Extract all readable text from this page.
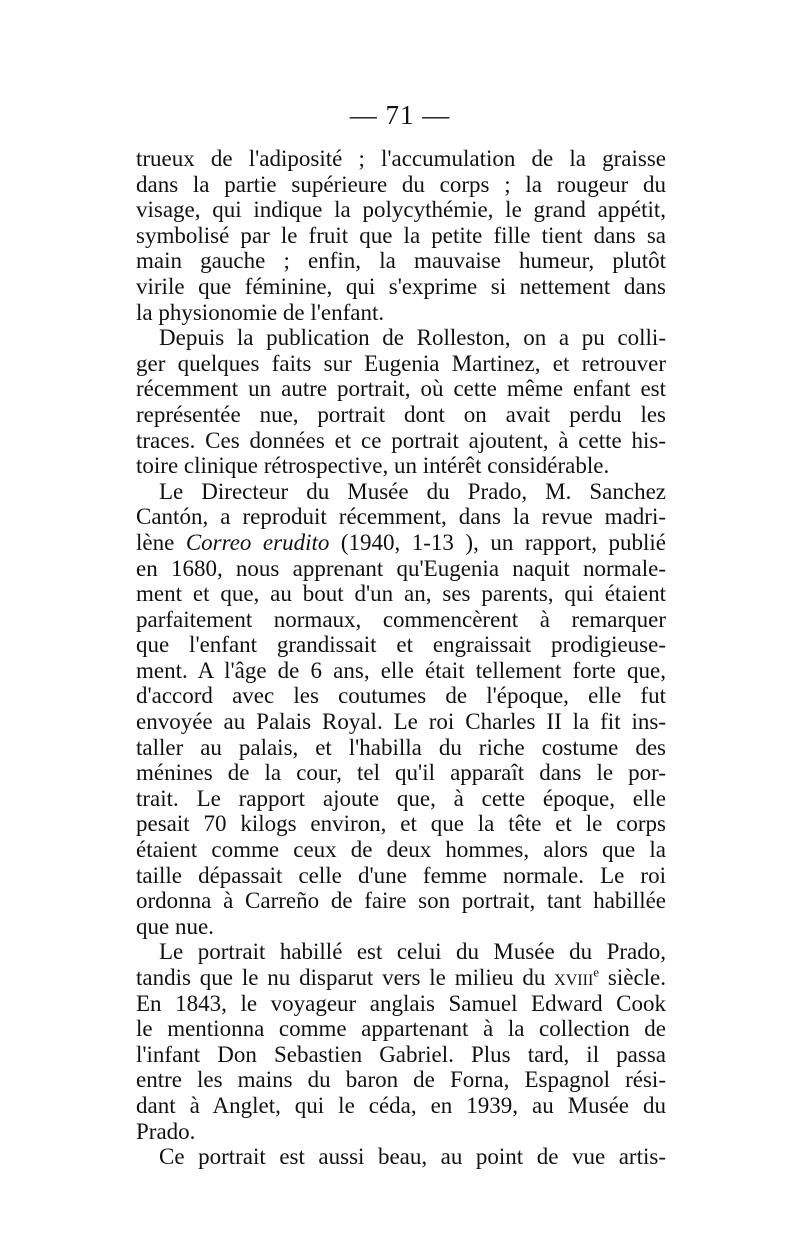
— 71 —
trueux de l'adiposité ; l'accumulation de la graisse
dans la partie supérieure du corps ; la rougeur du
visage, qui indique la polycythémie, le grand appétit,
symbolisé par le fruit que la petite fille tient dans sa
main gauche ; enfin, la mauvaise humeur, plutôt
virile que féminine, qui s'exprime si nettement dans
la physionomie de l'enfant.
Depuis la publication de Rolleston, on a pu colli-
ger quelques faits sur Eugenia Martinez, et retrouver
récemment un autre portrait, où cette même enfant est
représentée nue, portrait dont on avait perdu les
traces. Ces données et ce portrait ajoutent, à cette his-
toire clinique rétrospective, un intérêt considérable.
Le Directeur du Musée du Prado, M. Sanchez
Cantón, a reproduit récemment, dans la revue madri-
lène Correo erudito (1940, 1-13 ), un rapport, publié
en 1680, nous apprenant qu'Eugenia naquit normale-
ment et que, au bout d'un an, ses parents, qui étaient
parfaitement normaux, commencèrent à remarquer
que l'enfant grandissait et engraissait prodigieuse-
ment. A l'âge de 6 ans, elle était tellement forte que,
d'accord avec les coutumes de l'époque, elle fut
envoyée au Palais Royal. Le roi Charles II la fit ins-
taller au palais, et l'habilla du riche costume des
ménines de la cour, tel qu'il apparaît dans le por-
trait. Le rapport ajoute que, à cette époque, elle
pesait 70 kilogs environ, et que la tête et le corps
étaient comme ceux de deux hommes, alors que la
taille dépassait celle d'une femme normale. Le roi
ordonna à Carreño de faire son portrait, tant habillée
que nue.
Le portrait habillé est celui du Musée du Prado,
tandis que le nu disparut vers le milieu du xviii$^e$ siècle.
En 1843, le voyageur anglais Samuel Edward Cook
le mentionna comme appartenant à la collection de
l'infant Don Sebastien Gabriel. Plus tard, il passa
entre les mains du baron de Forna, Espagnol rési-
dant à Anglet, qui le céda, en 1939, au Musée du
Prado.
Ce portrait est aussi beau, au point de vue artis-
